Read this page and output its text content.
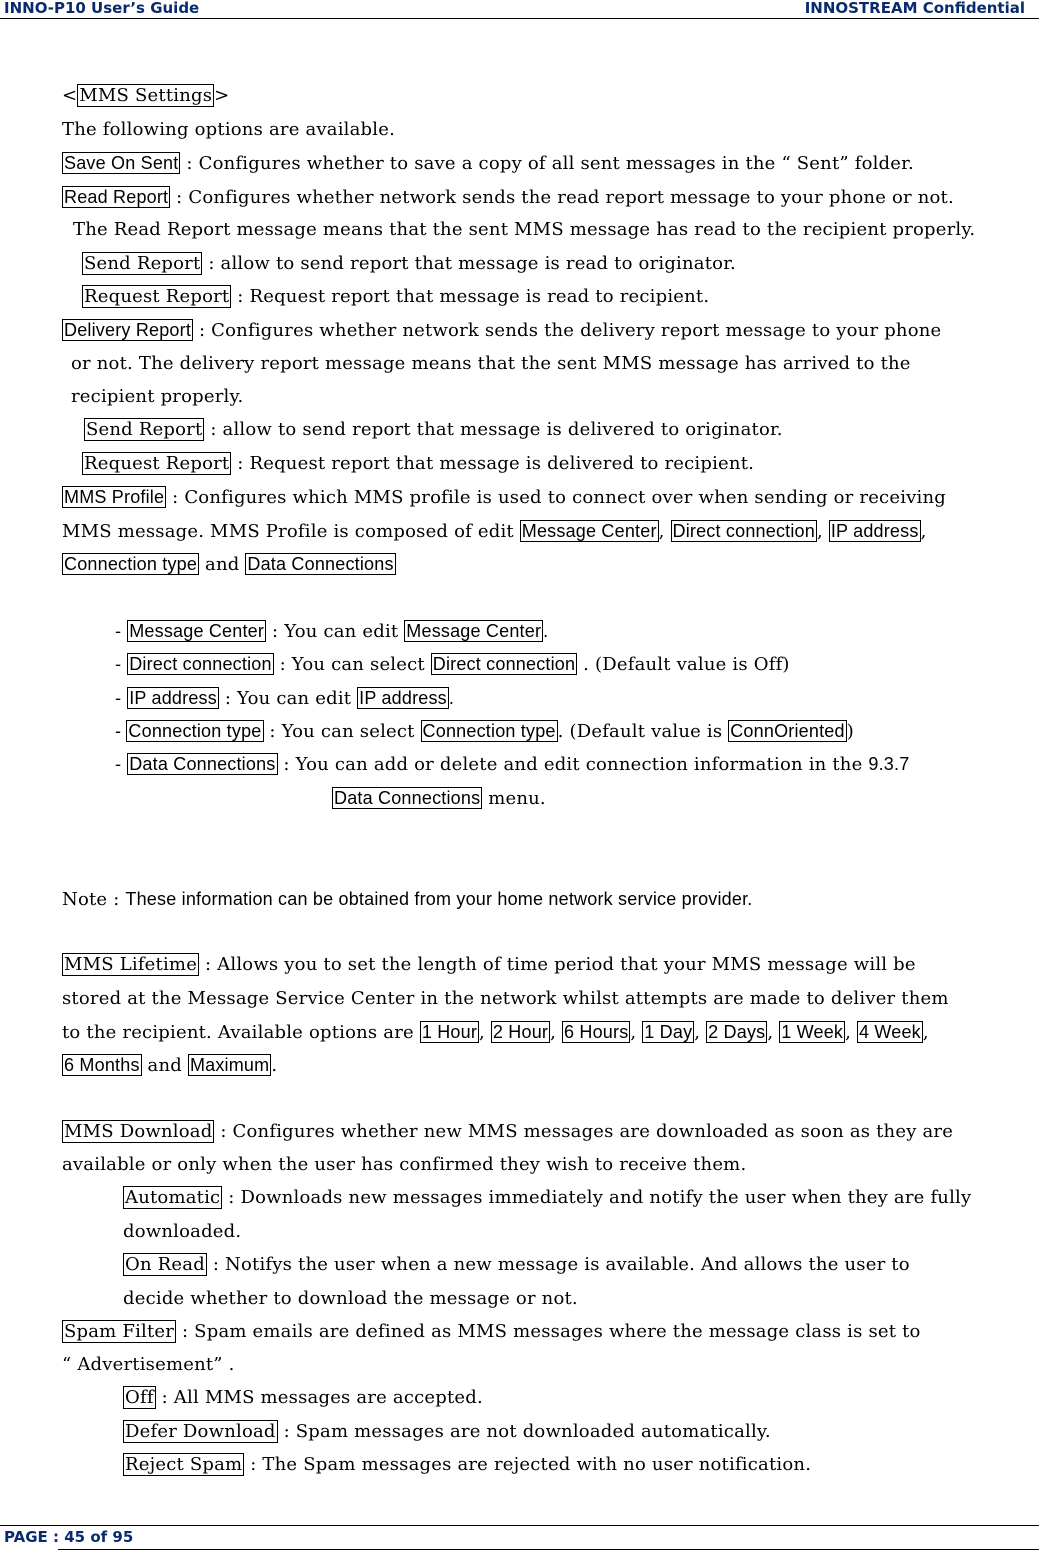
INNO-P10 User’s Guide	INNOSTREAM Confidential
< MMS Settings >
The following options are available.
Save On Sent : Configures whether to save a copy of all sent messages in the “ Sent” folder.
Read Report : Configures whether network sends the read report message to your phone or not.
The Read Report message means that the sent MMS message has read to the recipient properly.
Send Report : allow to send report that message is read to originator.
Request Report : Request report that message is read to recipient.
Delivery Report : Configures whether network sends the delivery report message to your phone
or not. The delivery report message means that the sent MMS message has arrived to the
recipient properly.
Send Report : allow to send report that message is delivered to originator.
Request Report : Request report that message is delivered to recipient.
MMS Profile : Configures which MMS profile is used to connect over when sending or receiving
MMS message. MMS Profile is composed of edit Message Center , Direct connection , IP address ,
Connection type and Data Connections
- Message Center : You can edit Message Center .
- Direct connection : You can select Direct connection . (Default value is Off)
- IP address : You can edit IP address .
- Connection type : You can select Connection type . (Default value is ConnOriented )
- Data Connections : You can add or delete and edit connection information in the 9.3.7
Data Connections menu.
Note : These information can be obtained from your home network service provider.
MMS Lifetime : Allows you to set the length of time period that your MMS message will be
stored at the Message Service Center in the network whilst attempts are made to deliver them
to the recipient. Available options are 1 Hour , 2 Hour , 6 Hours , 1 Day , 2 Days , 1 Week , 4 Week ,
6 Months and Maximum .
MMS Download : Configures whether new MMS messages are downloaded as soon as they are
available or only when the user has confirmed they wish to receive them.
Automatic : Downloads new messages immediately and notify the user when they are fully
downloaded.
On Read : Notifys the user when a new message is available. And allows the user to
decide whether to download the message or not.
Spam Filter : Spam emails are defined as MMS messages where the message class is set to
“ Advertisement” .
Off : All MMS messages are accepted.
Defer Download : Spam messages are not downloaded automatically.
Reject Spam : The Spam messages are rejected with no user notification.
PAGE : 45 of 95
